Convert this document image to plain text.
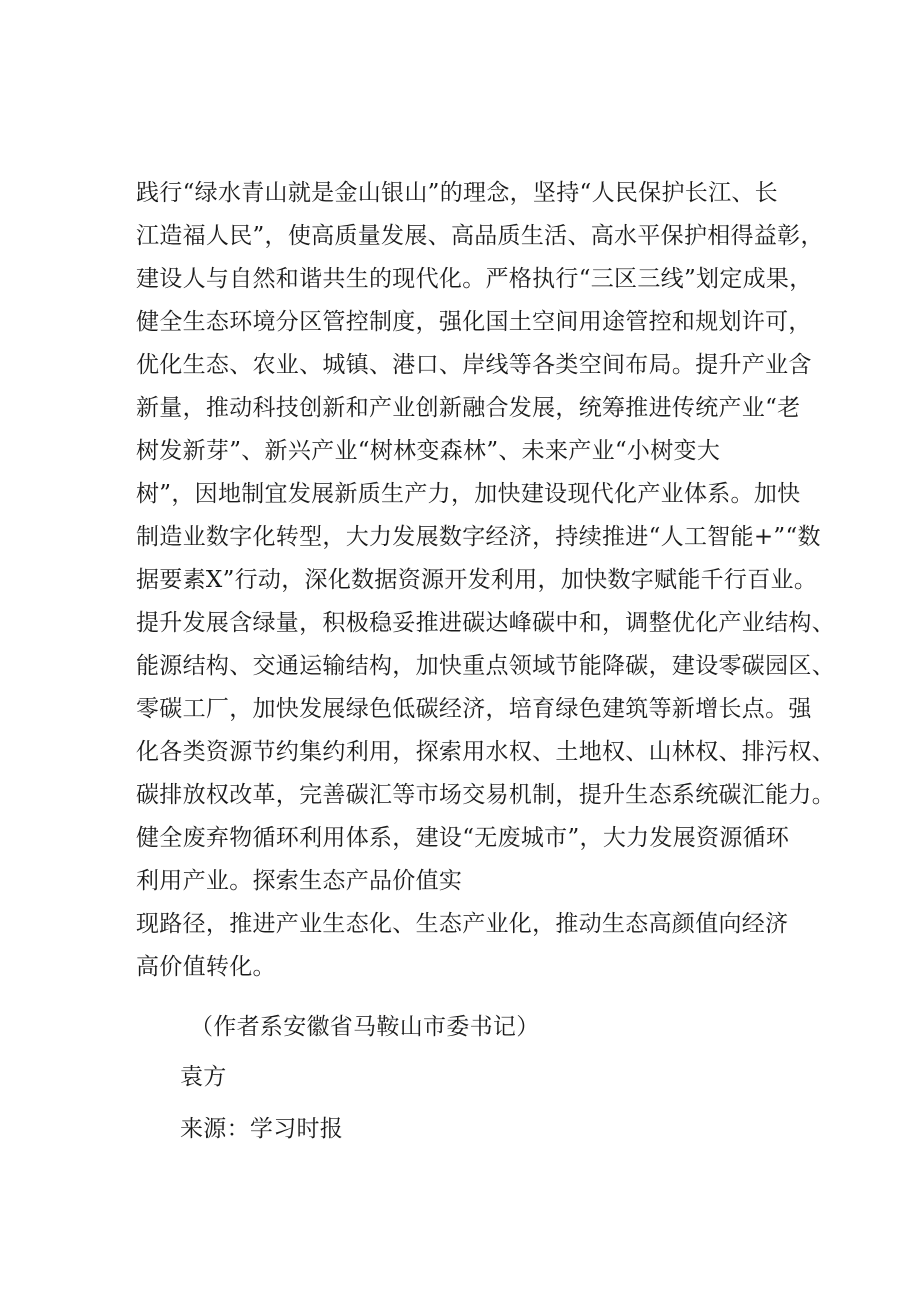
践行“绿水青山就是金山银山”的理念，坚持“人民保护长江、长
江造福人民”，使高质量发展、高品质生活、高水平保护相得益彰，
建设人与自然和谐共生的现代化。严格执行“三区三线”划定成果，
健全生态环境分区管控制度，强化国土空间用途管控和规划许可，
优化生态、农业、城镇、港口、岸线等各类空间布局。提升产业含
新量，推动科技创新和产业创新融合发展，统筹推进传统产业“老
树发新芽”、新兴产业“树林变森林”、未来产业“小树变大
树”，因地制宜发展新质生产力，加快建设现代化产业体系。加快
制造业数字化转型，大力发展数字经济，持续推进“人工智能+”“数
据要素X”行动，深化数据资源开发利用，加快数字赋能千行百业。
提升发展含绿量，积极稳妥推进碳达峰碳中和，调整优化产业结构、
能源结构、交通运输结构，加快重点领域节能降碳，建设零碳园区、
零碳工厂，加快发展绿色低碳经济，培育绿色建筑等新增长点。强
化各类资源节约集约利用，探索用水权、土地权、山林权、排污权、
碳排放权改革，完善碳汇等市场交易机制，提升生态系统碳汇能力。
健全废弃物循环利用体系，建设“无废城市”，大力发展资源循环
利用产业。探索生态产品价值实
现路径，推进产业生态化、生态产业化，推动生态高颜值向经济
高价值转化。
（作者系安徽省马鞍山市委书记）
袁方
来源：学习时报
